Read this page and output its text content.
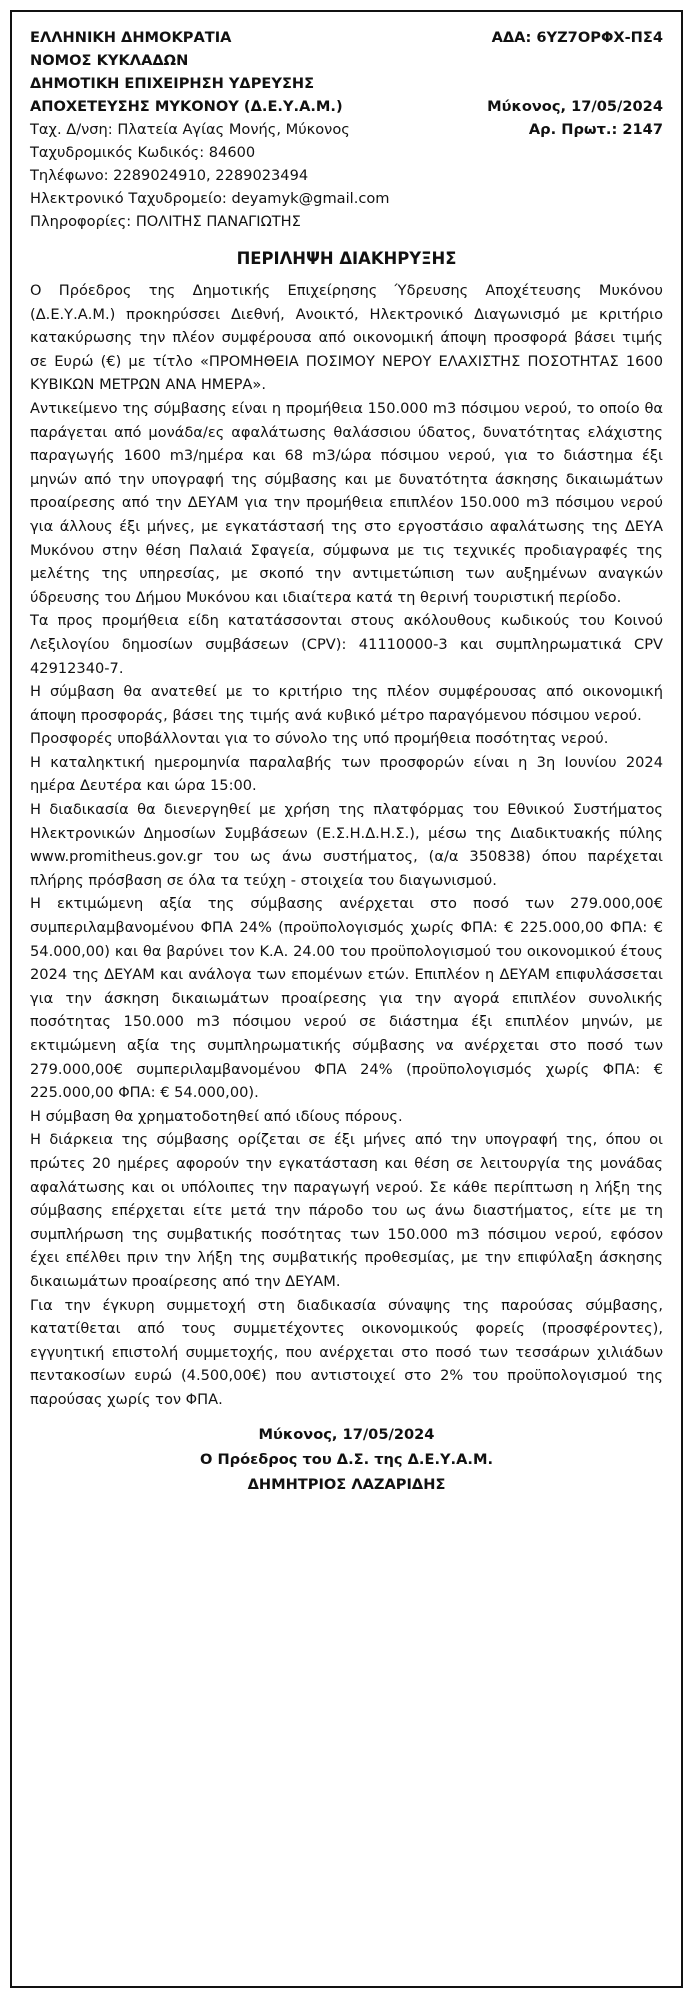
ΕΛΛΗΝΙΚΗ ΔΗΜΟΚΡΑΤΙΑ	ΑΔΑ: 6ΥΖ7ΟΡΦΧ-ΠΣ4
ΝΟΜΟΣ ΚΥΚΛΑΔΩΝ
ΔΗΜΟΤΙΚΗ ΕΠΙΧΕΙΡΗΣΗ ΥΔΡΕΥΣΗΣ
ΑΠΟΧΕΤΕΥΣΗΣ ΜΥΚΟΝΟΥ (Δ.Ε.Υ.Α.Μ.)	Μύκονος, 17/05/2024
Ταχ. Δ/νση: Πλατεία Αγίας Μονής, Μύκονος	Αρ. Πρωτ.: 2147
Ταχυδρομικός Κωδικός: 84600
Τηλέφωνο: 2289024910, 2289023494
Ηλεκτρονικό Ταχυδρομείο: deyamyk@gmail.com
Πληροφορίες: ΠΟΛΙΤΗΣ ΠΑΝΑΓΙΩΤΗΣ
ΠΕΡΙΛΗΨΗ ΔΙΑΚΗΡΥΞΗΣ

Ο Πρόεδρος της Δημοτικής Επιχείρησης Ύδρευσης Αποχέτευσης Μυκόνου (Δ.Ε.Υ.Α.Μ.) προκηρύσσει Διεθνή, Ανοικτό, Ηλεκτρονικό Διαγωνισμό με κριτήριο κατακύρωσης την πλέον συμφέρουσα από οικονομική άποψη προσφορά βάσει τιμής σε Ευρώ (€) με τίτλο «ΠΡΟΜΗΘΕΙΑ ΠΟΣΙΜΟΥ ΝΕΡΟΥ ΕΛΑΧΙΣΤΗΣ ΠΟΣΟΤΗΤΑΣ 1600 ΚΥΒΙΚΩΝ ΜΕΤΡΩΝ ΑΝΑ ΗΜΕΡΑ».

Αντικείμενο της σύμβασης είναι η προμήθεια 150.000 m3 πόσιμου νερού, το οποίο θα παράγεται από μονάδα/ες αφαλάτωσης θαλάσσιου ύδατος, δυνατότητας ελάχιστης παραγωγής 1600 m3/ημέρα και 68 m3/ώρα πόσιμου νερού, για το διάστημα έξι μηνών από την υπογραφή της σύμβασης και με δυνατότητα άσκησης δικαιωμάτων προαίρεσης από την ΔΕΥΑΜ για την προμήθεια επιπλέον 150.000 m3 πόσιμου νερού για άλλους έξι μήνες, με εγκατάστασή της στο εργοστάσιο αφαλάτωσης της ΔΕΥΑ Μυκόνου στην θέση Παλαιά Σφαγεία, σύμφωνα με τις τεχνικές προδιαγραφές της μελέτης της υπηρεσίας, με σκοπό την αντιμετώπιση των αυξημένων αναγκών ύδρευσης του Δήμου Μυκόνου και ιδιαίτερα κατά τη θερινή τουριστική περίοδο.

Τα προς προμήθεια είδη κατατάσσονται στους ακόλουθους κωδικούς του Κοινού Λεξιλογίου δημοσίων συμβάσεων (CPV): 41110000-3 και συμπληρωματικά CPV 42912340-7.

Η σύμβαση θα ανατεθεί με το κριτήριο της πλέον συμφέρουσας από οικονομική άποψη προσφοράς, βάσει της τιμής ανά κυβικό μέτρο παραγόμενου πόσιμου νερού.

Προσφορές υποβάλλονται για το σύνολο της υπό προμήθεια ποσότητας νερού.

Η καταληκτική ημερομηνία παραλαβής των προσφορών είναι η 3η Ιουνίου 2024 ημέρα Δευτέρα και ώρα 15:00.

Η διαδικασία θα διενεργηθεί με χρήση της πλατφόρμας του Εθνικού Συστήματος Ηλεκτρονικών Δημοσίων Συμβάσεων (Ε.Σ.Η.Δ.Η.Σ.), μέσω της Διαδικτυακής πύλης www.promitheus.gov.gr του ως άνω συστήματος, (α/α 350838) όπου παρέχεται πλήρης πρόσβαση σε όλα τα τεύχη - στοιχεία του διαγωνισμού.

Η εκτιμώμενη αξία της σύμβασης ανέρχεται στο ποσό των 279.000,00€ συμπεριλαμβανομένου ΦΠΑ 24% (προϋπολογισμός χωρίς ΦΠΑ: € 225.000,00 ΦΠΑ: € 54.000,00) και θα βαρύνει τον Κ.Α. 24.00 του προϋπολογισμού του οικονομικού έτους 2024 της ΔΕΥΑΜ και ανάλογα των επομένων ετών. Επιπλέον η ΔΕΥΑΜ επιφυλάσσεται για την άσκηση δικαιωμάτων προαίρεσης για την αγορά επιπλέον συνολικής ποσότητας 150.000 m3 πόσιμου νερού σε διάστημα έξι επιπλέον μηνών, με εκτιμώμενη αξία της συμπληρωματικής σύμβασης να ανέρχεται στο ποσό των 279.000,00€ συμπεριλαμβανομένου ΦΠΑ 24% (προϋπολογισμός χωρίς ΦΠΑ: € 225.000,00 ΦΠΑ: € 54.000,00).

Η σύμβαση θα χρηματοδοτηθεί από ιδίους πόρους.

Η διάρκεια της σύμβασης ορίζεται σε έξι μήνες από την υπογραφή της, όπου οι πρώτες 20 ημέρες αφορούν την εγκατάσταση και θέση σε λειτουργία της μονάδας αφαλάτωσης και οι υπόλοιπες την παραγωγή νερού. Σε κάθε περίπτωση η λήξη της σύμβασης επέρχεται είτε μετά την πάροδο του ως άνω διαστήματος, είτε με τη συμπλήρωση της συμβατικής ποσότητας των 150.000 m3 πόσιμου νερού, εφόσον έχει επέλθει πριν την λήξη της συμβατικής προθεσμίας, με την επιφύλαξη άσκησης δικαιωμάτων προαίρεσης από την ΔΕΥΑΜ.

Για την έγκυρη συμμετοχή στη διαδικασία σύναψης της παρούσας σύμβασης, κατατίθεται από τους συμμετέχοντες οικονομικούς φορείς (προσφέροντες), εγγυητική επιστολή συμμετοχής, που ανέρχεται στο ποσό των τεσσάρων χιλιάδων πεντακοσίων ευρώ (4.500,00€) που αντιστοιχεί στο 2% του προϋπολογισμού της παρούσας χωρίς τον ΦΠΑ.

Μύκονος, 17/05/2024
Ο Πρόεδρος του Δ.Σ. της Δ.Ε.Υ.Α.Μ.
ΔΗΜΗΤΡΙΟΣ ΛΑΖΑΡΙΔΗΣ
